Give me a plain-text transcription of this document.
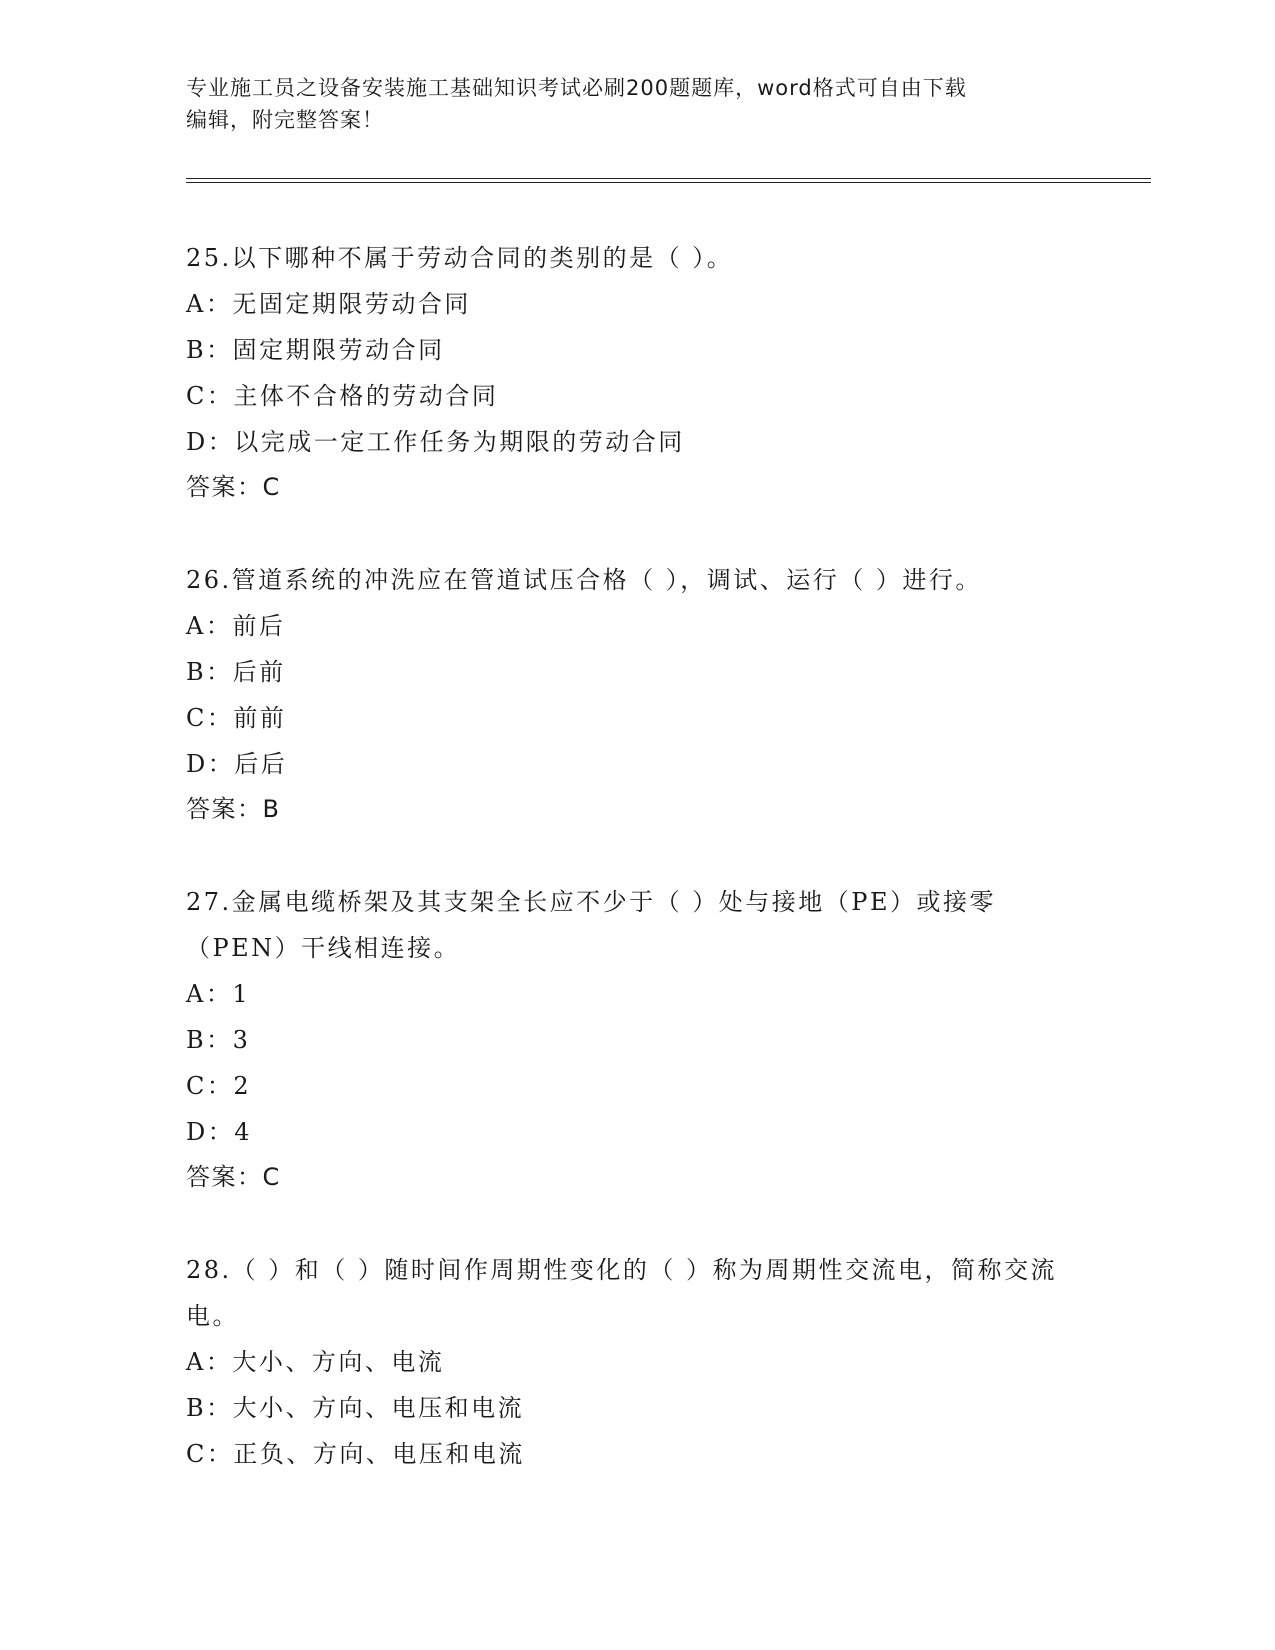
专业施工员之设备安装施工基础知识考试必刷200题题库，word格式可自由下载
编辑，附完整答案！
25.以下哪种不属于劳动合同的类别的是（ ）。
A：无固定期限劳动合同
B：固定期限劳动合同
C：主体不合格的劳动合同
D：以完成一定工作任务为期限的劳动合同
答案：C
26.管道系统的冲洗应在管道试压合格（ ），调试、运行（ ）进行。
A：前后
B：后前
C：前前
D：后后
答案：B
27.金属电缆桥架及其支架全长应不少于（ ）处与接地（PE）或接零（PEN）干线相连接。
A：1
B：3
C：2
D：4
答案：C
28.（ ）和（ ）随时间作周期性变化的（ ）称为周期性交流电，简称交流电。
A：大小、方向、电流
B：大小、方向、电压和电流
C：正负、方向、电压和电流
